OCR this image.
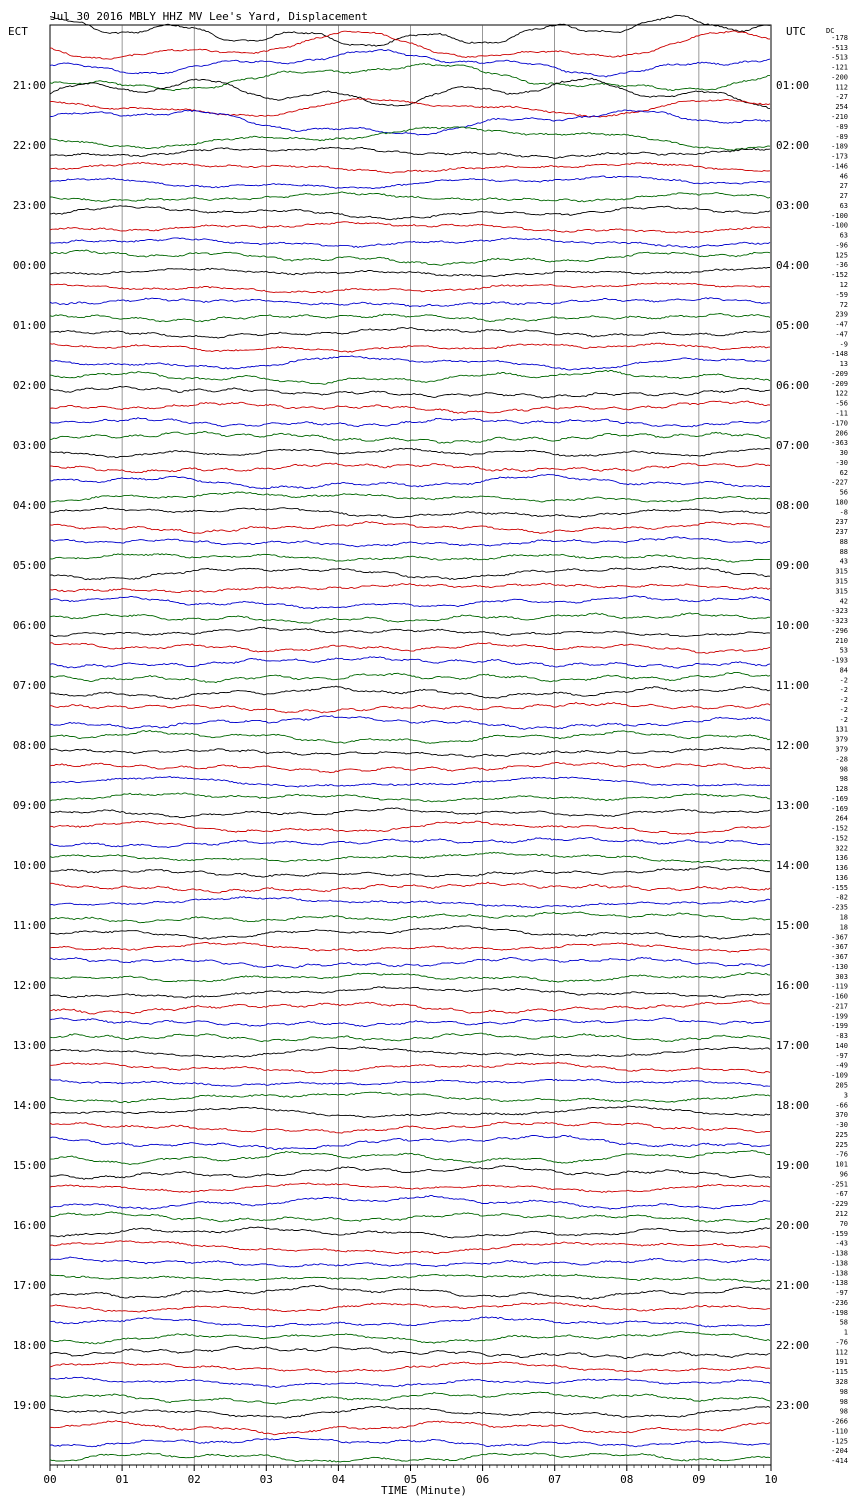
Jul 30 2016 MBLY HHZ MV Lee's Yard, Displacement
ECT	UTC	DC
21:00
22:00
23:00
00:00
01:00
02:00
03:00
04:00
05:00
06:00
07:00
08:00
09:00
10:00
11:00
12:00
13:00
14:00
15:00
16:00
17:00
18:00
19:00
01:00
02:00
03:00
04:00
05:00
06:00
07:00
08:00
09:00
10:00
11:00
12:00
13:00
14:00
15:00
16:00
17:00
18:00
19:00
20:00
21:00
22:00
23:00
-178
-513
-513
-121
-200
112
-27
254
-210
-89
-89
-189
-173
-146
46
27
27
63
-100
-100
63
-96
125
-36
-152
12
-59
72
239
-47
-47
-9
-148
13
-209
-209
122
-56
-11
-170
206
-363
30
-30
62
-227
56
180
-8
237
237
88
88
43
315
315
315
42
-323
-323
-296
210
53
-193
84
-2
-2
-2
-2
-2
131
379
379
-28
98
98
128
-169
-169
264
-152
-152
322
136
136
136
-155
-82
-235
18
18
-367
-367
-367
-130
303
-119
-160
-217
-199
-199
-83
140
-97
-49
-109
205
3
-66
370
-30
225
225
-76
101
96
-251
-67
-229
212
70
-159
-43
-138
-138
-138
-138
-97
-236
-198
58
1
-76
112
191
-115
328
98
98
98
-266
-110
-125
-204
-414
00	01	02	03	04	05	06	07	08	09	10
TIME (Minute)
